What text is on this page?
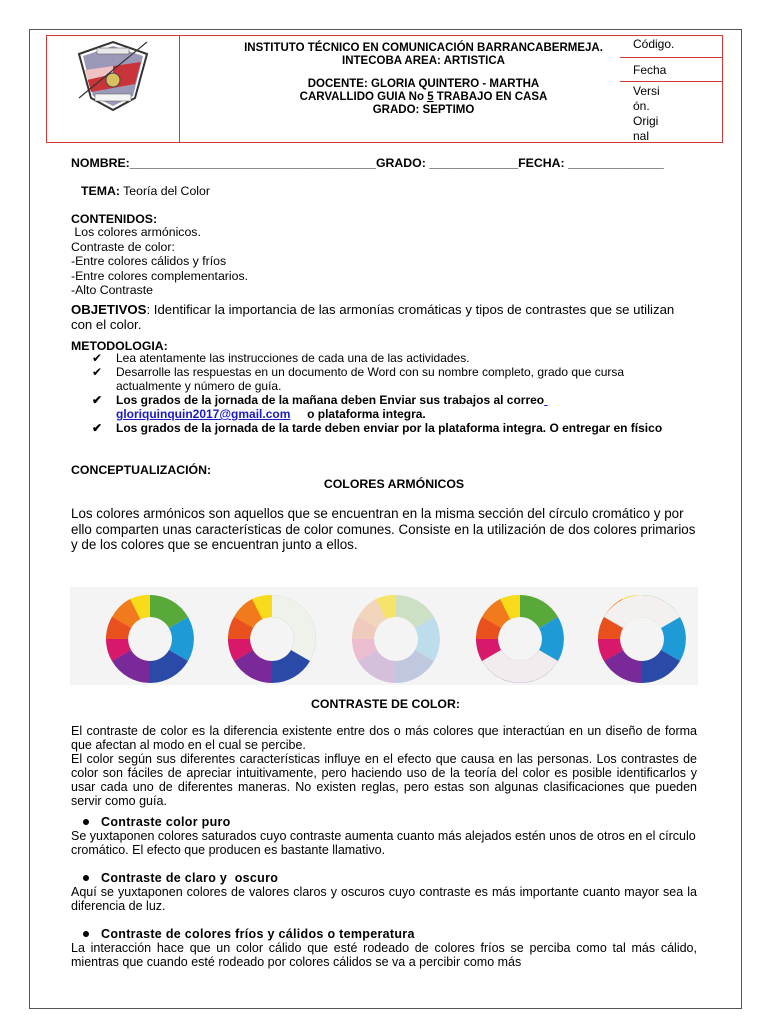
INSTITUTO TÉCNICO EN COMUNICACIÓN BARRANCABERMEJA.
INTECOBA AREA: ARTISTICA
DOCENTE: GLORIA QUINTERO - MARTHA
CARVALLIDO GUIA No 5 TRABAJO EN CASA
GRADO: SEPTIMO
Código.
Fecha
Versi
ón.
Origi
nal
NOMBRE:____________________________________GRADO: _____________FECHA: ______________
TEMA: Teoría del Color
CONTENIDOS:
Los colores armónicos.
Contraste de color:
-Entre colores cálidos y fríos
-Entre colores complementarios.
-Alto Contraste
OBJETIVOS: Identificar la importancia de las armonías cromáticas y tipos de contrastes que se utilizan con el color.
METODOLOGIA:
✔ Lea atentamente las instrucciones de cada una de las actividades.
✔ Desarrolle las respuestas en un documento de Word con su nombre completo, grado que cursa actualmente y número de guía.
✔ Los grados de la jornada de la mañana deben Enviar sus trabajos al correo
gloriquinquin2017@gmail.com o plataforma integra.
✔ Los grados de la jornada de la tarde deben enviar por la plataforma integra. O entregar en físico
CONCEPTUALIZACIÓN:
COLORES ARMÓNICOS
Los colores armónicos son aquellos que se encuentran en la misma sección del círculo cromático y por ello comparten unas características de color comunes. Consiste en la utilización de dos colores primarios y de los colores que se encuentran junto a ellos.
CONTRASTE DE COLOR:
El contraste de color es la diferencia existente entre dos o más colores que interactúan en un diseño de forma que afectan al modo en el cual se percibe.
El color según sus diferentes características influye en el efecto que causa en las personas. Los contrastes de color son fáciles de apreciar intuitivamente, pero haciendo uso de la teoría del color es posible identificarlos y usar cada uno de diferentes maneras. No existen reglas, pero estas son algunas clasificaciones que pueden servir como guía.
Contraste color puro
Se yuxtaponen colores saturados cuyo contraste aumenta cuanto más alejados estén unos de otros en el círculo cromático. El efecto que producen es bastante llamativo.
Contraste de claro y  oscuro
Aquí se yuxtaponen colores de valores claros y oscuros cuyo contraste es más importante cuanto mayor sea la diferencia de luz.
Contraste de colores fríos y cálidos o temperatura
La interacción hace que un color cálido que esté rodeado de colores fríos se perciba como tal más cálido, mientras que cuando esté rodeado por colores cálidos se va a percibir como más
